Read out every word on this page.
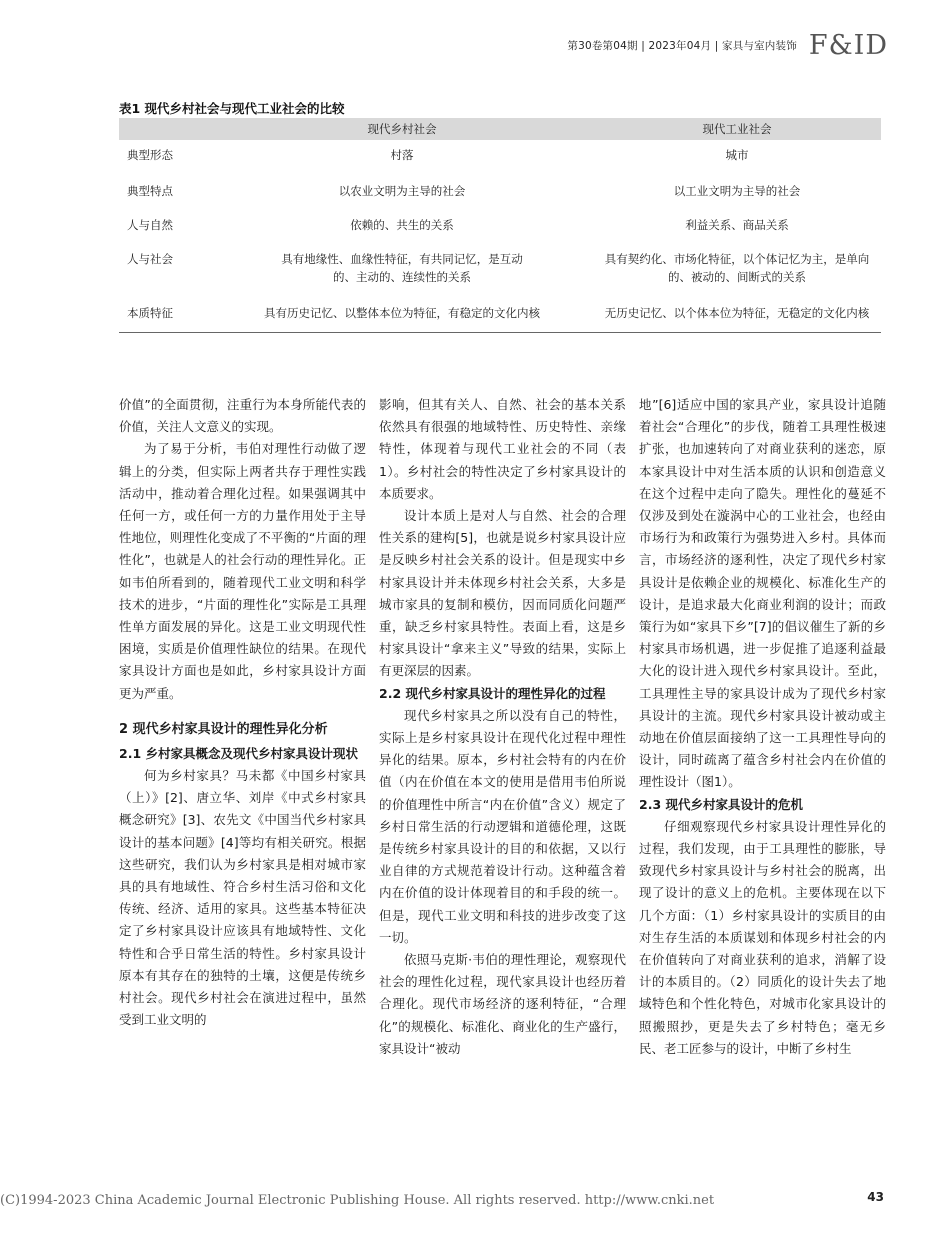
第30卷第04期 | 2023年04月 | 家具与室内装饰 F&ID
表1 现代乡村社会与现代工业社会的比较
	现代乡村社会	现代工业社会
典型形态	村落	城市
典型特点	以农业文明为主导的社会	以工业文明为主导的社会
人与自然	依赖的、共生的关系	利益关系、商品关系
人与社会	具有地缘性、血缘性特征，有共同记忆，是互动的、主动的、连续性的关系	具有契约化、市场化特征，以个体记忆为主，是单向的、被动的、间断式的关系
本质特征	具有历史记忆、以整体本位为特征，有稳定的文化内核	无历史记忆、以个体本位为特征，无稳定的文化内核

价值”的全面贯彻，注重行为本身所能代表的价值，关注人文意义的实现。

为了易于分析，韦伯对理性行动做了逻辑上的分类，但实际上两者共存于理性实践活动中，推动着合理化过程。如果强调其中任何一方，或任何一方的力量作用处于主导性地位，则理性化变成了不平衡的“片面的理性化”，也就是人的社会行动的理性异化。正如韦伯所看到的，随着现代工业文明和科学技术的进步，“片面的理性化”实际是工具理性单方面发展的异化。这是工业文明现代性困境，实质是价值理性缺位的结果。在现代家具设计方面也是如此，乡村家具设计方面更为严重。

2 现代乡村家具设计的理性异化分析
2.1 乡村家具概念及现代乡村家具设计现状

何为乡村家具？马未都《中国乡村家具（上）》[2]、唐立华、刘岸《中式乡村家具概念研究》[3]、农先文《中国当代乡村家具设计的基本问题》[4]等均有相关研究。根据这些研究，我们认为乡村家具是相对城市家具的具有地域性、符合乡村生活习俗和文化传统、经济、适用的家具。这些基本特征决定了乡村家具设计应该具有地域特性、文化特性和合乎日常生活的特性。乡村家具设计原本有其存在的独特的土壤，这便是传统乡村社会。现代乡村社会在演进过程中，虽然受到工业文明的

影响，但其有关人、自然、社会的基本关系依然具有很强的地域特性、历史特性、亲缘特性，体现着与现代工业社会的不同（表1）。乡村社会的特性决定了乡村家具设计的本质要求。

设计本质上是对人与自然、社会的合理性关系的建构[5]，也就是说乡村家具设计应是反映乡村社会关系的设计。但是现实中乡村家具设计并未体现乡村社会关系，大多是城市家具的复制和模仿，因而同质化问题严重，缺乏乡村家具特性。表面上看，这是乡村家具设计“拿来主义”导致的结果，实际上有更深层的因素。

2.2 现代乡村家具设计的理性异化的过程

现代乡村家具之所以没有自己的特性，实际上是乡村家具设计在现代化过程中理性异化的结果。原本，乡村社会特有的内在价值（内在价值在本文的使用是借用韦伯所说的价值理性中所言“内在价值”含义）规定了乡村日常生活的行动逻辑和道德伦理，这既是传统乡村家具设计的目的和依据，又以行业自律的方式规范着设计行动。这种蕴含着内在价值的设计体现着目的和手段的统一。但是，现代工业文明和科技的进步改变了这一切。

依照马克斯·韦伯的理性理论，观察现代社会的理性化过程，现代家具设计也经历着合理化。现代市场经济的逐利特征，“合理化”的规模化、标准化、商业化的生产盛行，家具设计“被动

地”[6]适应中国的家具产业，家具设计追随着社会“合理化”的步伐，随着工具理性极速扩张，也加速转向了对商业获利的迷恋，原本家具设计中对生活本质的认识和创造意义在这个过程中走向了隐失。理性化的蔓延不仅涉及到处在漩涡中心的工业社会，也经由市场行为和政策行为强势进入乡村。具体而言，市场经济的逐利性，决定了现代乡村家具设计是依赖企业的规模化、标准化生产的设计，是追求最大化商业利润的设计；而政策行为如“家具下乡”[7]的倡议催生了新的乡村家具市场机遇，进一步促推了追逐利益最大化的设计进入现代乡村家具设计。至此，工具理性主导的家具设计成为了现代乡村家具设计的主流。现代乡村家具设计被动或主动地在价值层面接纳了这一工具理性导向的设计，同时疏离了蕴含乡村社会内在价值的理性设计（图1）。

2.3 现代乡村家具设计的危机

仔细观察现代乡村家具设计理性异化的过程，我们发现，由于工具理性的膨胀，导致现代乡村家具设计与乡村社会的脱离，出现了设计的意义上的危机。主要体现在以下几个方面：（1）乡村家具设计的实质目的由对生存生活的本质谋划和体现乡村社会的内在价值转向了对商业获利的追求，消解了设计的本质目的。（2）同质化的设计失去了地域特色和个性化特色，对城市化家具设计的照搬照抄，更是失去了乡村特色；毫无乡民、老工匠参与的设计，中断了乡村生

(C)1994-2023 China Academic Journal Electronic Publishing House. All rights reserved. http://www.cnki.net	43
